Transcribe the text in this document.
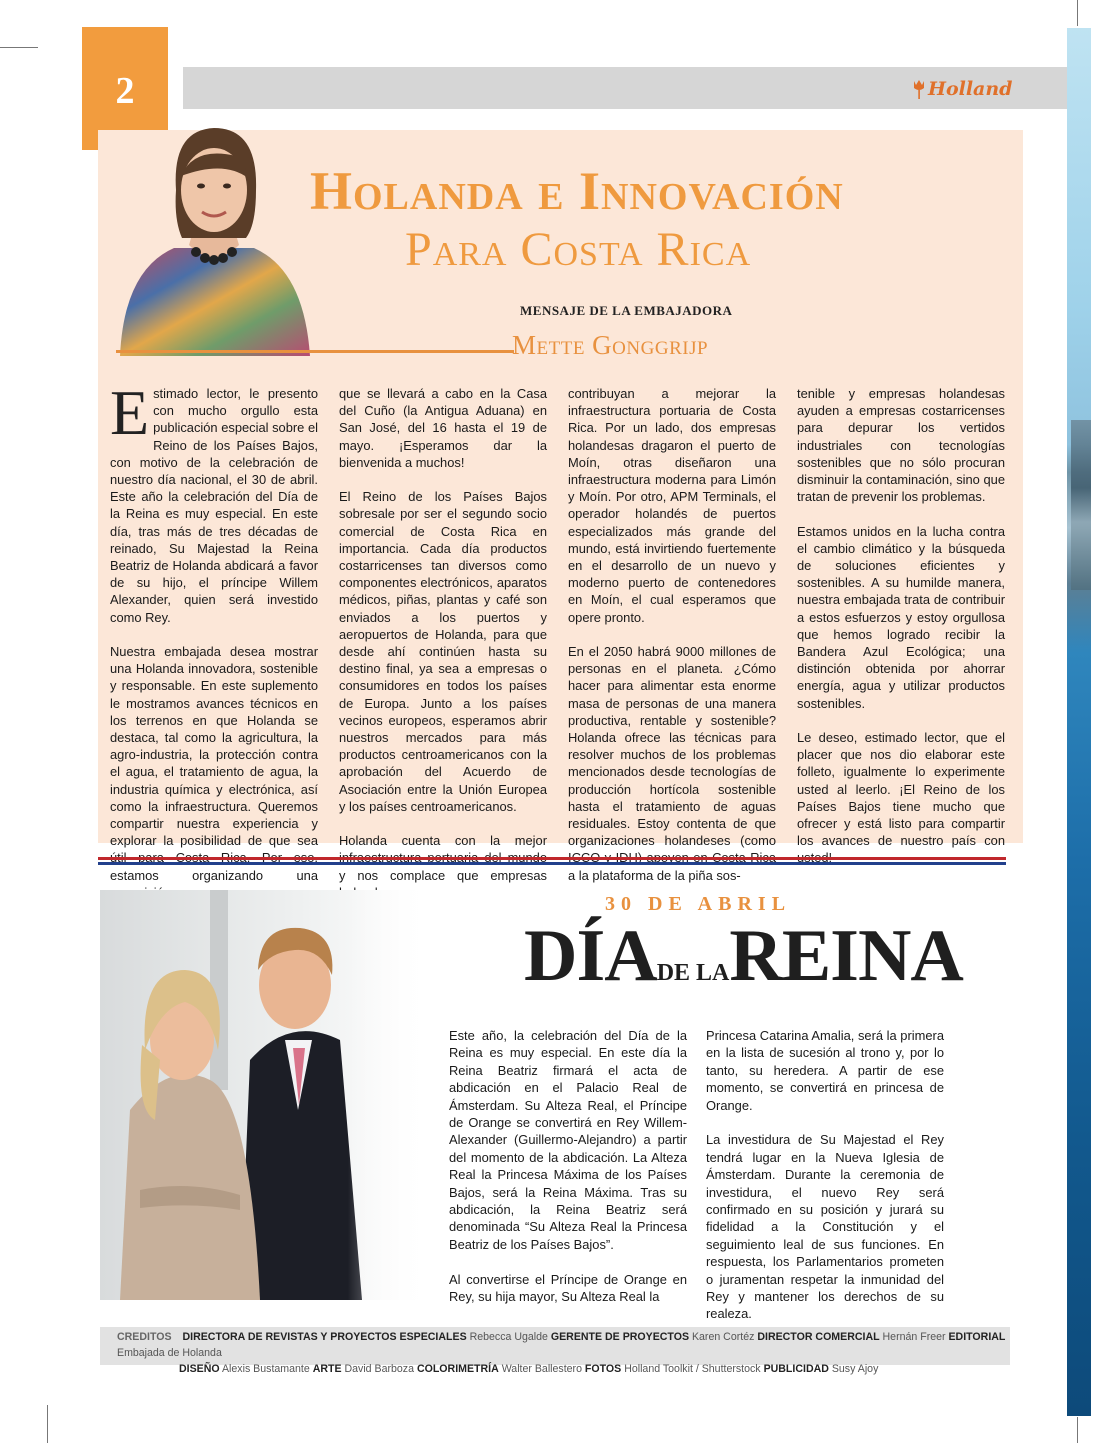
2	Holland
Holanda e Innovación
Para Costa Rica
MENSAJE DE LA EMBAJADORA
Mette Gonggrijp

Estimado lector, le presento con mucho orgullo esta publicación especial sobre el Reino de los Países Bajos, con motivo de la celebración de nuestro día nacional, el 30 de abril. Este año la celebración del Día de la Reina es muy especial. En este día, tras más de tres décadas de reinado, Su Majestad la Reina Beatriz de Holanda abdicará a favor de su hijo, el príncipe Willem Alexander, quien será investido como Rey.

Nuestra embajada desea mostrar una Holanda innovadora, sostenible y responsable. En este suplemento le mostramos avances técnicos en los terrenos en que Holanda se destaca, tal como la agricultura, la agro-industria, la protección contra el agua, el tratamiento de agua, la industria química y electrónica, así como la infraestructura. Queremos compartir nuestra experiencia y explorar la posibilidad de que sea estamos organizando una

que se llevará a cabo en la Casa del Cuño (la Antigua Aduana) en San José, del 16 hasta el 19 de mayo. ¡Esperamos dar la bienvenida a muchos!

El Reino de los Países Bajos sobresale por ser el segundo socio comercial de Costa Rica en importancia. Cada día productos costarricenses tan diversos como componentes electrónicos, aparatos médicos, piñas, plantas y café son enviados a los puertos y aeropuertos de Holanda, para que desde ahí continúen hasta su destino final, ya sea a empresas o consumidores en todos los países de Europa. Junto a los países vecinos europeos, esperamos abrir nuestros mercados para más productos centroamericanos con la aprobación del Acuerdo de Asociación entre la Unión Europea y los países centroamericanos.

Holanda cuenta con la mejor y nos complace que empresas

contribuyan a mejorar la infraestructura portuaria de Costa Rica. Por un lado, dos empresas holandesas dragaron el puerto de Moín, otras diseñaron una infraestructura moderna para Limón y Moín. Por otro, APM Terminals, el operador holandés de puertos especializados más grande del mundo, está invirtiendo fuertemente en el desarrollo de un nuevo y moderno puerto de contenedores en Moín, el cual esperamos que opere pronto.

En el 2050 habrá 9000 millones de personas en el planeta. ¿Cómo hacer para alimentar esta enorme masa de personas de una manera productiva, rentable y sostenible? Holanda ofrece las técnicas para resolver muchos de los problemas mencionados desde tecnologías de producción hortícola sostenible hasta el tratamiento de aguas residuales. Estoy contenta de que organizaciones holandeses (como a la plataforma de la piña sos-

tenible y empresas holandesas ayuden a empresas costarricenses para depurar los vertidos industriales con tecnologías sostenibles que no sólo procuran disminuir la contaminación, sino que tratan de prevenir los problemas.

Estamos unidos en la lucha contra el cambio climático y la búsqueda de soluciones eficientes y sostenibles. A su humilde manera, nuestra embajada trata de contribuir a estos esfuerzos y estoy orgullosa que hemos logrado recibir la Bandera Azul Ecológica; una distinción obtenida por ahorrar energía, agua y utilizar productos sostenibles.

Le deseo, estimado lector, que el placer que nos dio elaborar este folleto, igualmente lo experimente usted al leerlo. ¡El Reino de los Países Bajos tiene mucho que ofrecer y está listo para compartir los avances de nuestro país con

30 DE ABRIL
DÍADE LAREINA

Este año, la celebración del Día de la Reina es muy especial. En este día la Reina Beatriz firmará el acta de abdicación en el Palacio Real de Ámsterdam. Su Alteza Real, el Príncipe de Orange se convertirá en Rey Willem-Alexander (Guillermo-Alejandro) a partir del momento de la abdicación. La Alteza Real la Princesa Máxima de los Países Bajos, será la Reina Máxima. Tras su abdicación, la Reina Beatriz será denominada “Su Alteza Real la Princesa Beatriz de los Países Bajos”.

Al convertirse el Príncipe de Orange en Rey, su hija mayor, Su Alteza Real la

Princesa Catarina Amalia, será la primera en la lista de sucesión al trono y, por lo tanto, su heredera. A partir de ese momento, se convertirá en princesa de Orange.

La investidura de Su Majestad el Rey tendrá lugar en la Nueva Iglesia de Ámsterdam. Durante la ceremonia de investidura, el nuevo Rey será confirmado en su posición y jurará su fidelidad a la Constitución y el seguimiento leal de sus funciones. En respuesta, los Parlamentarios prometen o juramentan respetar la inmunidad del Rey y mantener los derechos de su realeza.

CREDITOS DIRECTORA DE REVISTAS Y PROYECTOS ESPECIALES Rebecca Ugalde GERENTE DE PROYECTOS Karen Cortéz DIRECTOR COMERCIAL Hernán Freer EDITORIAL Embajada de Holanda
DISEÑO Alexis Bustamante ARTE David Barboza COLORIMETRÍA Walter Ballestero FOTOS Holland Toolkit / Shutterstock PUBLICIDAD Susy Ajoy
